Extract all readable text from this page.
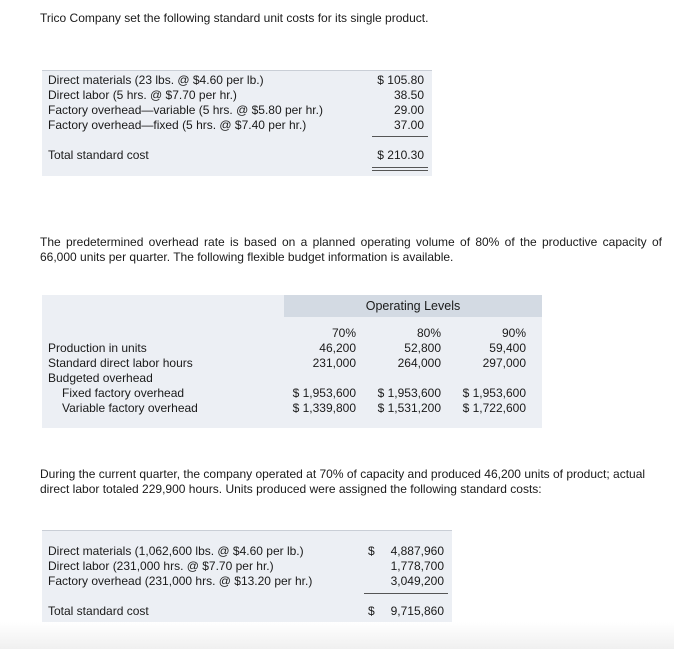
Trico Company set the following standard unit costs for its single product.
Direct materials (23 lbs. @ $4.60 per lb.)	$ 105.80
Direct labor (5 hrs. @ $7.70 per hr.)	38.50
Factory overhead—variable (5 hrs. @ $5.80 per hr.)	29.00
Factory overhead—fixed (5 hrs. @ $7.40 per hr.)	37.00
Total standard cost	$ 210.30
The predetermined overhead rate is based on a planned operating volume of 80% of the productive capacity of 66,000 units per quarter. The following flexible budget information is available.
Operating Levels
70%	80%	90%
Production in units	46,200	52,800	59,400
Standard direct labor hours	231,000	264,000	297,000
Budgeted overhead
Fixed factory overhead	$ 1,953,600	$ 1,953,600	$ 1,953,600
Variable factory overhead	$ 1,339,800	$ 1,531,200	$ 1,722,600
During the current quarter, the company operated at 70% of capacity and produced 46,200 units of product; actual direct labor totaled 229,900 hours. Units produced were assigned the following standard costs:
Direct materials (1,062,600 lbs. @ $4.60 per lb.)	$	4,887,960
Direct labor (231,000 hrs. @ $7.70 per hr.)	1,778,700
Factory overhead (231,000 hrs. @ $13.20 per hr.)	3,049,200
Total standard cost	$	9,715,860
